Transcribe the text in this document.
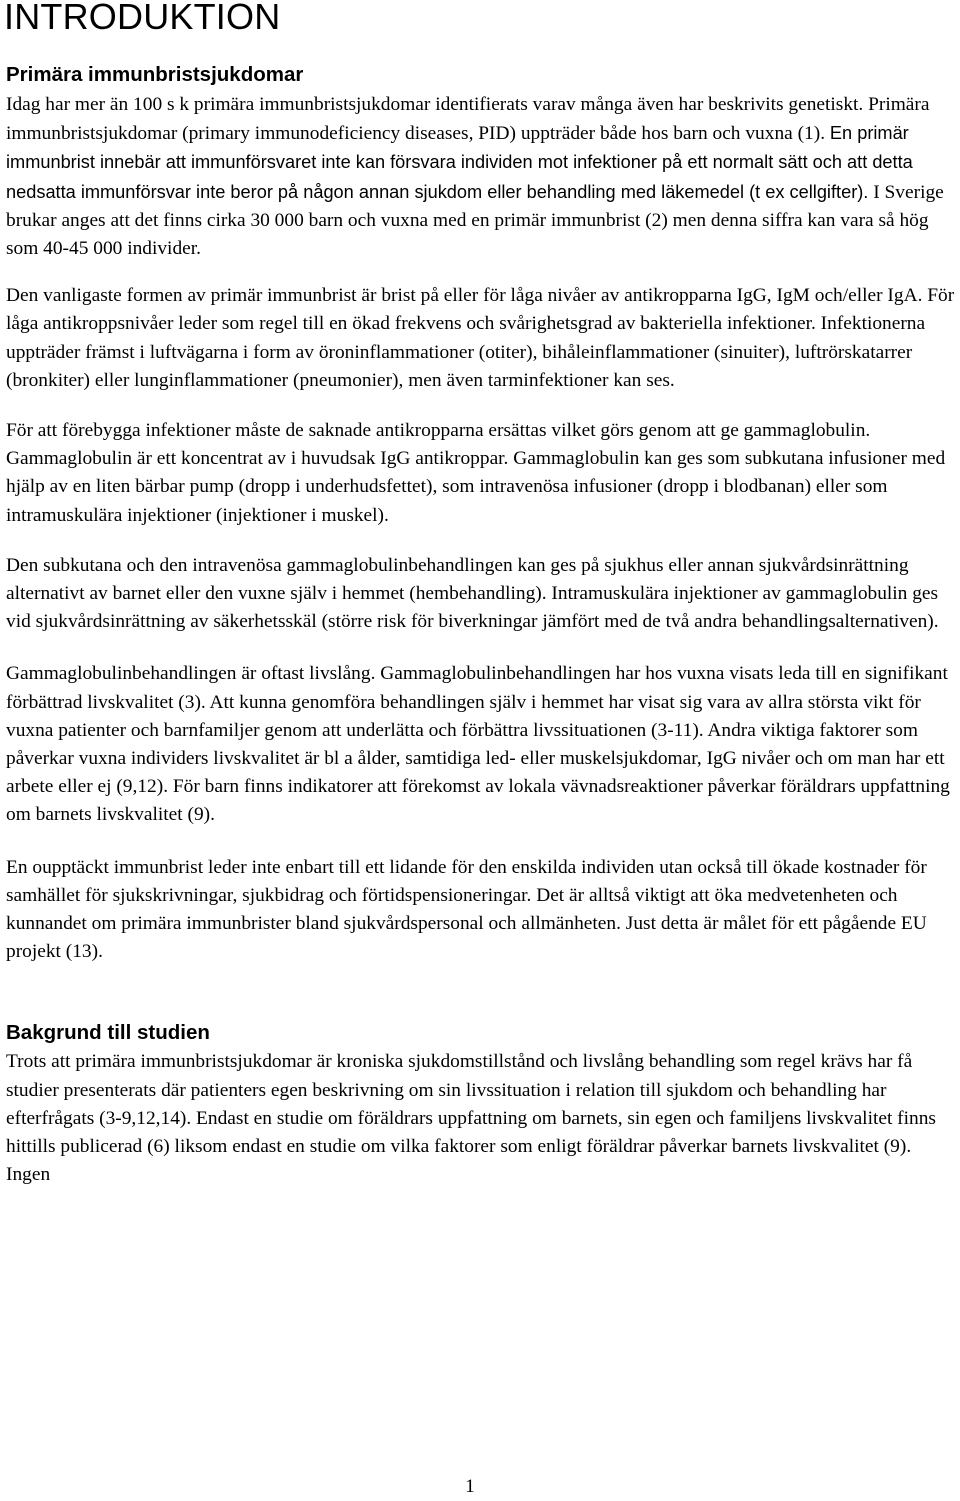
INTRODUKTION
Primära immunbristsjukdomar

Idag har mer än 100 s k primära immunbristsjukdomar identifierats varav många även har beskrivits genetiskt. Primära immunbristsjukdomar (primary immunodeficiency diseases, PID) uppträder både hos barn och vuxna (1). En primär immunbrist innebär att immunförsvaret inte kan försvara individen mot infektioner på ett normalt sätt och att detta nedsatta immunförsvar inte beror på någon annan sjukdom eller behandling med läkemedel (t ex cellgifter). I Sverige brukar anges att det finns cirka 30 000 barn och vuxna med en primär immunbrist (2) men denna siffra kan vara så hög som 40-45 000 individer.

Den vanligaste formen av primär immunbrist är brist på eller för låga nivåer av antikropparna IgG, IgM och/eller IgA. För låga antikroppsnivåer leder som regel till en ökad frekvens och svårighetsgrad av bakteriella infektioner. Infektionerna uppträder främst i luftvägarna i form av öroninflammationer (otiter), bihåleinflammationer (sinuiter), luftrörskatarrer (bronkiter) eller lunginflammationer (pneumonier), men även tarminfektioner kan ses.

För att förebygga infektioner måste de saknade antikropparna ersättas vilket görs genom att ge gammaglobulin. Gammaglobulin är ett koncentrat av i huvudsak IgG antikroppar. Gammaglobulin kan ges som subkutana infusioner med hjälp av en liten bärbar pump (dropp i underhudsfettet), som intravenösa infusioner (dropp i blodbanan) eller som intramuskulära injektioner (injektioner i muskel).

Den subkutana och den intravenösa gammaglobulinbehandlingen kan ges på sjukhus eller annan sjukvårdsinrättning alternativt av barnet eller den vuxne själv i hemmet (hembehandling). Intramuskulära injektioner av gammaglobulin ges vid sjukvårdsinrättning av säkerhetsskäl (större risk för biverkningar jämfört med de två andra behandlingsalternativen).

Gammaglobulinbehandlingen är oftast livslång. Gammaglobulinbehandlingen har hos vuxna visats leda till en signifikant förbättrad livskvalitet (3). Att kunna genomföra behandlingen själv i hemmet har visat sig vara av allra största vikt för vuxna patienter och barnfamiljer genom att underlätta och förbättra livssituationen (3-11). Andra viktiga faktorer som påverkar vuxna individers livskvalitet är bl a ålder, samtidiga led- eller muskelsjukdomar, IgG nivåer och om man har ett arbete eller ej (9,12). För barn finns indikatorer att förekomst av lokala vävnadsreaktioner påverkar föräldrars uppfattning om barnets livskvalitet (9).

En oupptäckt immunbrist leder inte enbart till ett lidande för den enskilda individen utan också till ökade kostnader för samhället för sjukskrivningar, sjukbidrag och förtidspensioneringar. Det är alltså viktigt att öka medvetenheten och kunnandet om primära immunbrister bland sjukvårdspersonal och allmänheten. Just detta är målet för ett pågående EU projekt (13).

Bakgrund till studien

Trots att primära immunbristsjukdomar är kroniska sjukdomstillstånd och livslång behandling som regel krävs har få studier presenterats där patienters egen beskrivning om sin livssituation i relation till sjukdom och behandling har efterfrågats (3-9,12,14). Endast en studie om föräldrars uppfattning om barnets, sin egen och familjens livskvalitet finns hittills publicerad (6) liksom endast en studie om vilka faktorer som enligt föräldrar påverkar barnets livskvalitet (9). Ingen

1
